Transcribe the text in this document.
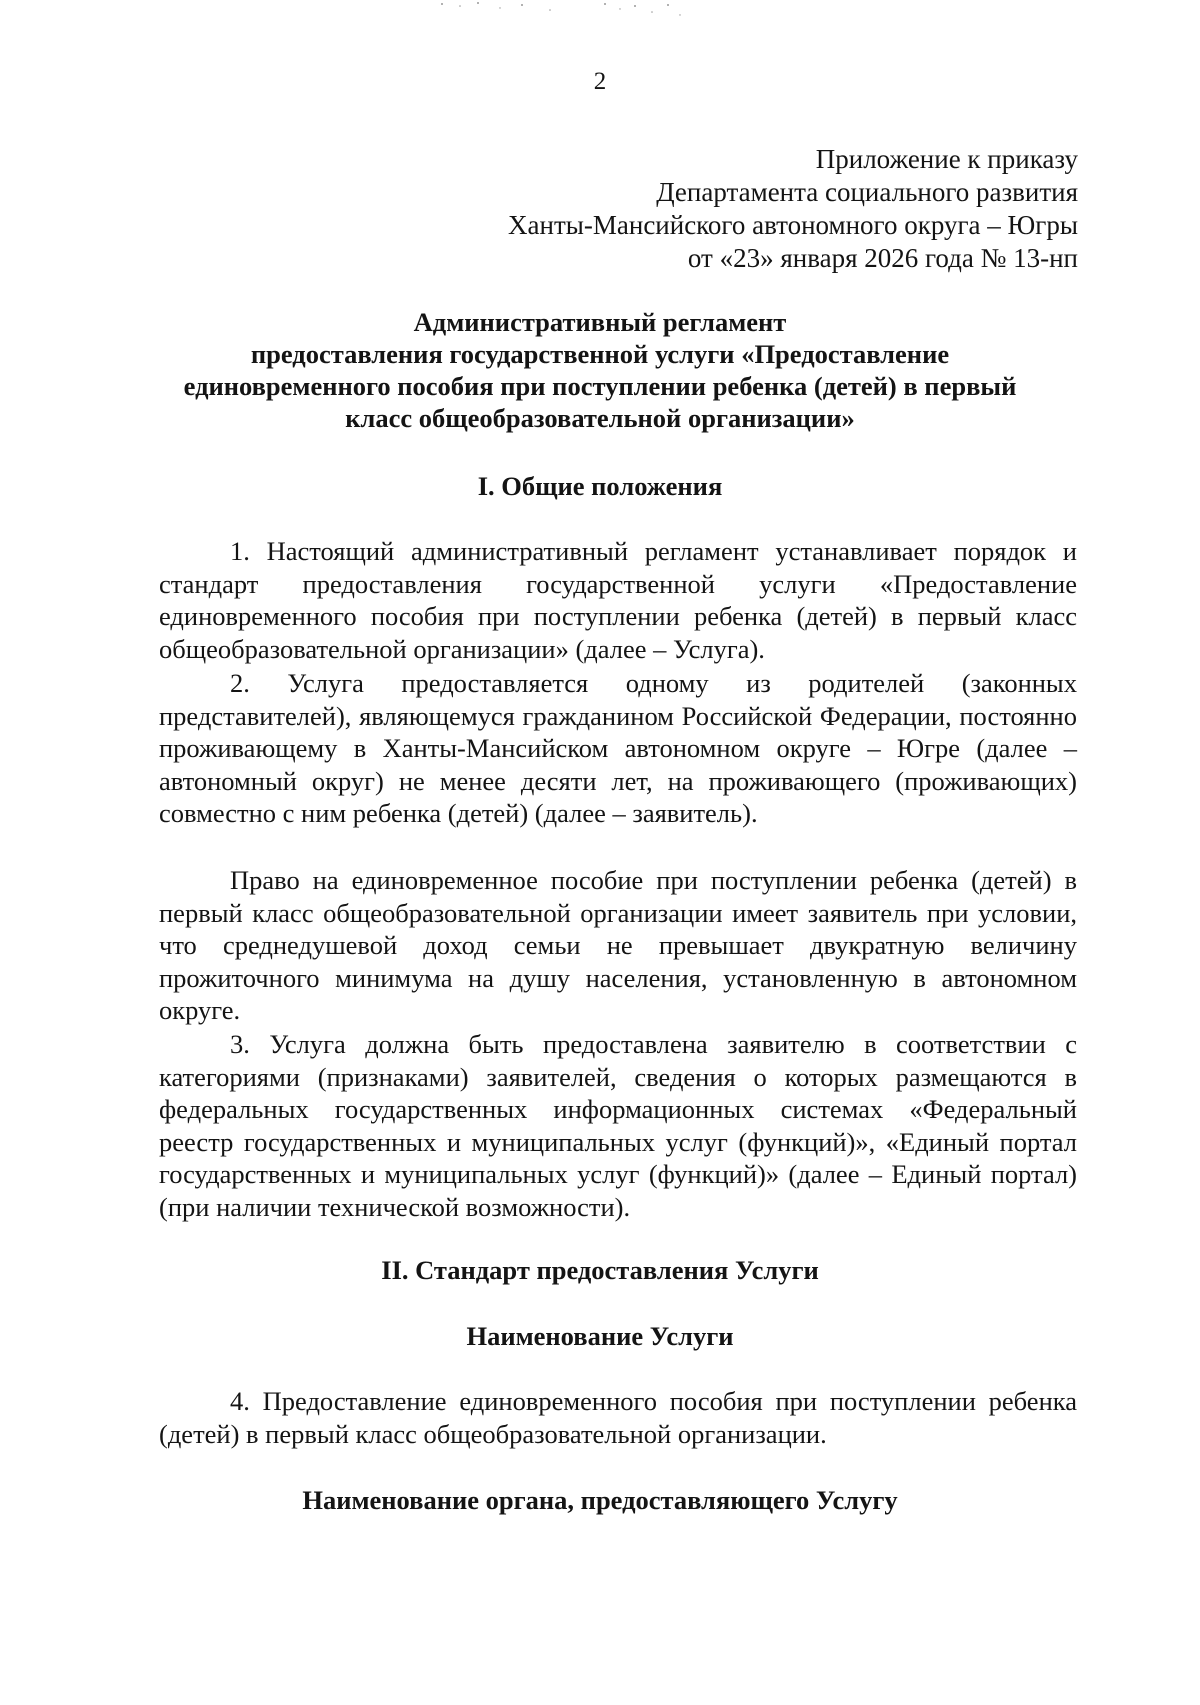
2
Приложение к приказу
Департамента социального развития
Ханты-Мансийского автономного округа – Югры
от «23» января 2026 года № 13-нп
Административный регламент
предоставления государственной услуги «Предоставление
единовременного пособия при поступлении ребенка (детей) в первый
класс общеобразовательной организации»
I. Общие положения
1. Настоящий административный регламент устанавливает порядок и стандарт предоставления государственной услуги «Предоставление единовременного пособия при поступлении ребенка (детей) в первый класс общеобразовательной организации» (далее – Услуга).
2. Услуга предоставляется одному из родителей (законных представителей), являющемуся гражданином Российской Федерации, постоянно проживающему в Ханты-Мансийском автономном округе – Югре (далее – автономный округ) не менее десяти лет, на проживающего (проживающих) совместно с ним ребенка (детей) (далее – заявитель).
Право на единовременное пособие при поступлении ребенка (детей) в первый класс общеобразовательной организации имеет заявитель при условии, что среднедушевой доход семьи не превышает двукратную величину прожиточного минимума на душу населения, установленную в автономном округе.
3. Услуга должна быть предоставлена заявителю в соответствии с категориями (признаками) заявителей, сведения о которых размещаются в федеральных государственных информационных системах «Федеральный реестр государственных и муниципальных услуг (функций)», «Единый портал государственных и муниципальных услуг (функций)» (далее – Единый портал) (при наличии технической возможности).
II. Стандарт предоставления Услуги
Наименование Услуги
4. Предоставление единовременного пособия при поступлении ребенка (детей) в первый класс общеобразовательной организации.
Наименование органа, предоставляющего Услугу
